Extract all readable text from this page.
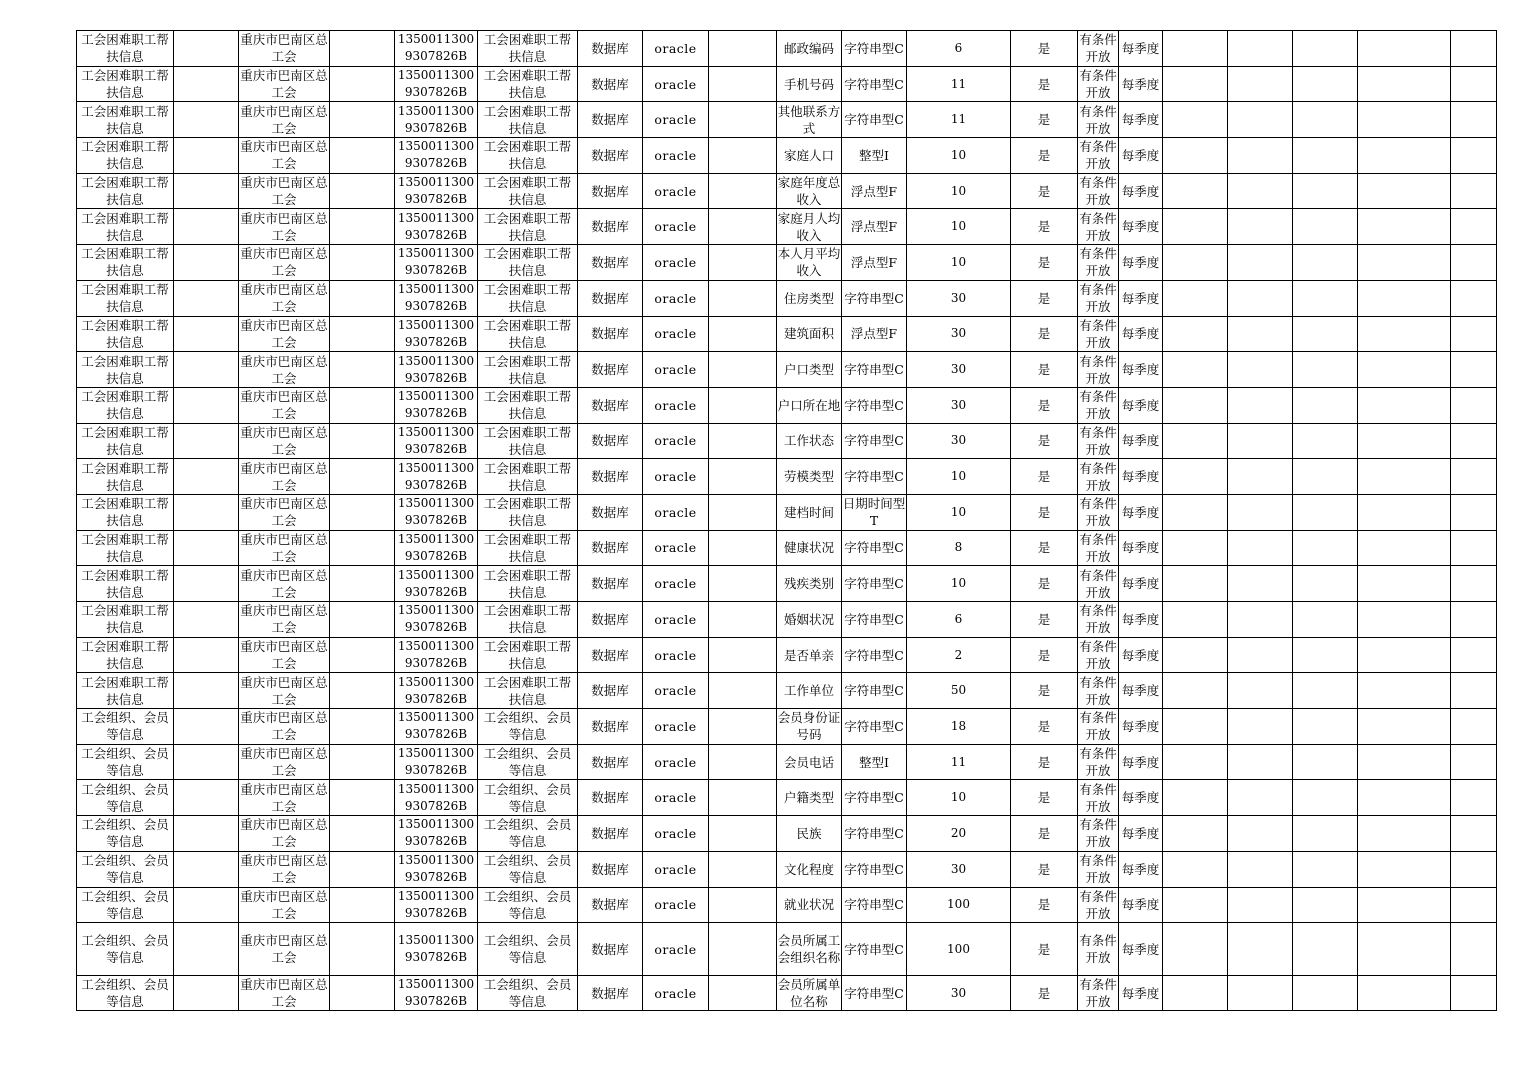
工会困难职工帮扶信息		重庆市巴南区总工会		13500113009307826B	工会困难职工帮扶信息	数据库	oracle		邮政编码	字符串型C	6	是	有条件开放	每季度					
工会困难职工帮扶信息		重庆市巴南区总工会		13500113009307826B	工会困难职工帮扶信息	数据库	oracle		手机号码	字符串型C	11	是	有条件开放	每季度					
工会困难职工帮扶信息		重庆市巴南区总工会		13500113009307826B	工会困难职工帮扶信息	数据库	oracle		其他联系方式	字符串型C	11	是	有条件开放	每季度					
工会困难职工帮扶信息		重庆市巴南区总工会		13500113009307826B	工会困难职工帮扶信息	数据库	oracle		家庭人口	整型I	10	是	有条件开放	每季度					
工会困难职工帮扶信息		重庆市巴南区总工会		13500113009307826B	工会困难职工帮扶信息	数据库	oracle		家庭年度总收入	浮点型F	10	是	有条件开放	每季度					
工会困难职工帮扶信息		重庆市巴南区总工会		13500113009307826B	工会困难职工帮扶信息	数据库	oracle		家庭月人均收入	浮点型F	10	是	有条件开放	每季度					
工会困难职工帮扶信息		重庆市巴南区总工会		13500113009307826B	工会困难职工帮扶信息	数据库	oracle		本人月平均收入	浮点型F	10	是	有条件开放	每季度					
工会困难职工帮扶信息		重庆市巴南区总工会		13500113009307826B	工会困难职工帮扶信息	数据库	oracle		住房类型	字符串型C	30	是	有条件开放	每季度					
工会困难职工帮扶信息		重庆市巴南区总工会		13500113009307826B	工会困难职工帮扶信息	数据库	oracle		建筑面积	浮点型F	30	是	有条件开放	每季度					
工会困难职工帮扶信息		重庆市巴南区总工会		13500113009307826B	工会困难职工帮扶信息	数据库	oracle		户口类型	字符串型C	30	是	有条件开放	每季度					
工会困难职工帮扶信息		重庆市巴南区总工会		13500113009307826B	工会困难职工帮扶信息	数据库	oracle		户口所在地	字符串型C	30	是	有条件开放	每季度					
工会困难职工帮扶信息		重庆市巴南区总工会		13500113009307826B	工会困难职工帮扶信息	数据库	oracle		工作状态	字符串型C	30	是	有条件开放	每季度					
工会困难职工帮扶信息		重庆市巴南区总工会		13500113009307826B	工会困难职工帮扶信息	数据库	oracle		劳模类型	字符串型C	10	是	有条件开放	每季度					
工会困难职工帮扶信息		重庆市巴南区总工会		13500113009307826B	工会困难职工帮扶信息	数据库	oracle		建档时间	日期时间型T	10	是	有条件开放	每季度					
工会困难职工帮扶信息		重庆市巴南区总工会		13500113009307826B	工会困难职工帮扶信息	数据库	oracle		健康状况	字符串型C	8	是	有条件开放	每季度					
工会困难职工帮扶信息		重庆市巴南区总工会		13500113009307826B	工会困难职工帮扶信息	数据库	oracle		残疾类别	字符串型C	10	是	有条件开放	每季度					
工会困难职工帮扶信息		重庆市巴南区总工会		13500113009307826B	工会困难职工帮扶信息	数据库	oracle		婚姻状况	字符串型C	6	是	有条件开放	每季度					
工会困难职工帮扶信息		重庆市巴南区总工会		13500113009307826B	工会困难职工帮扶信息	数据库	oracle		是否单亲	字符串型C	2	是	有条件开放	每季度					
工会困难职工帮扶信息		重庆市巴南区总工会		13500113009307826B	工会困难职工帮扶信息	数据库	oracle		工作单位	字符串型C	50	是	有条件开放	每季度					
工会组织、会员等信息		重庆市巴南区总工会		13500113009307826B	工会组织、会员等信息	数据库	oracle		会员身份证号码	字符串型C	18	是	有条件开放	每季度					
工会组织、会员等信息		重庆市巴南区总工会		13500113009307826B	工会组织、会员等信息	数据库	oracle		会员电话	整型I	11	是	有条件开放	每季度					
工会组织、会员等信息		重庆市巴南区总工会		13500113009307826B	工会组织、会员等信息	数据库	oracle		户籍类型	字符串型C	10	是	有条件开放	每季度					
工会组织、会员等信息		重庆市巴南区总工会		13500113009307826B	工会组织、会员等信息	数据库	oracle		民族	字符串型C	20	是	有条件开放	每季度					
工会组织、会员等信息		重庆市巴南区总工会		13500113009307826B	工会组织、会员等信息	数据库	oracle		文化程度	字符串型C	30	是	有条件开放	每季度					
工会组织、会员等信息		重庆市巴南区总工会		13500113009307826B	工会组织、会员等信息	数据库	oracle		就业状况	字符串型C	100	是	有条件开放	每季度					
工会组织、会员等信息		重庆市巴南区总工会		13500113009307826B	工会组织、会员等信息	数据库	oracle		会员所属工会组织名称	字符串型C	100	是	有条件开放	每季度					
工会组织、会员等信息		重庆市巴南区总工会		13500113009307826B	工会组织、会员等信息	数据库	oracle		会员所属单位名称	字符串型C	30	是	有条件开放	每季度					
